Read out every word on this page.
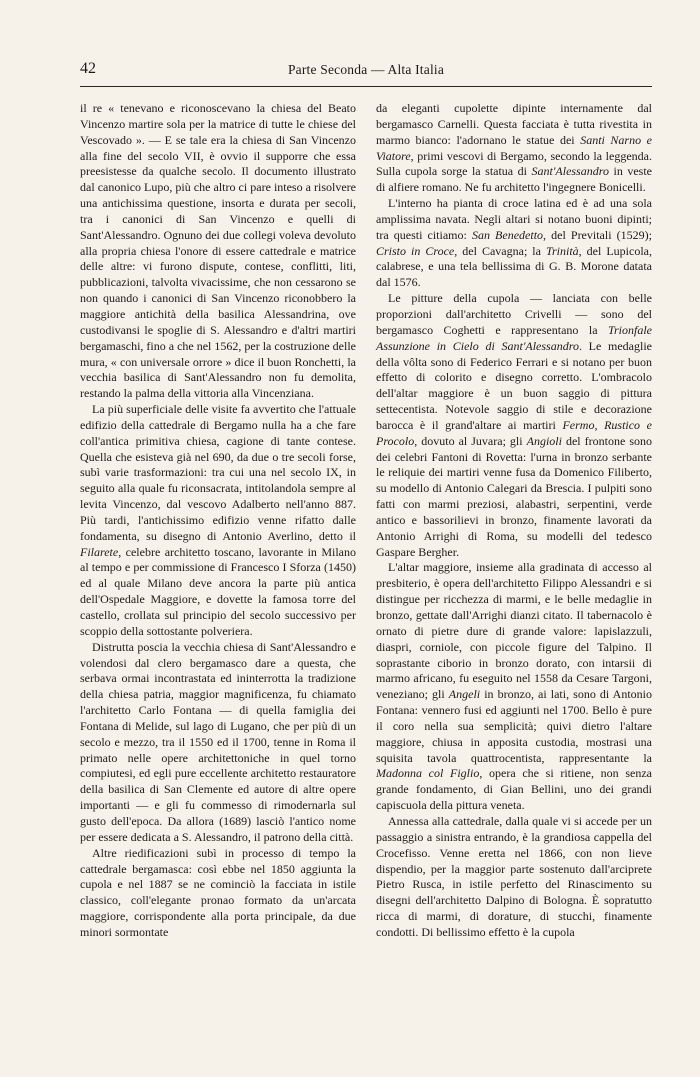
42	Parte Seconda — Alta Italia

il re « tenevano e riconoscevano la chiesa del Beato Vincenzo martire sola per la matrice di tutte le chiese del Vescovado ». — E se tale era la chiesa di San Vincenzo alla fine del secolo VII, è ovvio il supporre che essa preesistesse da qualche secolo. Il documento illustrato dal canonico Lupo, più che altro ci pare inteso a risolvere una antichissima questione, insorta e durata per secoli, tra i canonici di San Vincenzo e quelli di Sant'Alessandro. Ognuno dei due collegi voleva devoluto alla propria chiesa l'onore di essere cattedrale e matrice delle altre: vi furono dispute, contese, conflitti, liti, pubblicazioni, talvolta vivacissime, che non cessarono se non quando i canonici di San Vincenzo riconobbero la maggiore antichità della basilica Alessandrina, ove custodivansi le spoglie di S. Alessandro e d'altri martiri bergamaschi, fino a che nel 1562, per la costruzione delle mura, « con universale orrore » dice il buon Ronchetti, la vecchia basilica di Sant'Alessandro non fu demolita, restando la palma della vittoria alla Vincenziana.

La più superficiale delle visite fa avvertito che l'attuale edifizio della cattedrale di Bergamo nulla ha a che fare coll'antica primitiva chiesa, cagione di tante contese. Quella che esisteva già nel 690, da due o tre secoli forse, subì varie trasformazioni: tra cui una nel secolo IX, in seguito alla quale fu riconsacrata, intitolandola sempre al levita Vincenzo, dal vescovo Adalberto nell'anno 887. Più tardi, l'antichissimo edifizio venne rifatto dalle fondamenta, su disegno di Antonio Averlino, detto il Filarete, celebre architetto toscano, lavorante in Milano al tempo e per commissione di Francesco I Sforza (1450) ed al quale Milano deve ancora la parte più antica dell'Ospedale Maggiore, e dovette la famosa torre del castello, crollata sul principio del secolo successivo per scoppio della sottostante polveriera.

Distrutta poscia la vecchia chiesa di Sant'Alessandro e volendosi dal clero bergamasco dare a questa, che serbava ormai incontrastata ed ininterrotta la tradizione della chiesa patria, maggior magnificenza, fu chiamato l'architetto Carlo Fontana — di quella famiglia dei Fontana di Melide, sul lago di Lugano, che per più di un secolo e mezzo, tra il 1550 ed il 1700, tenne in Roma il primato nelle opere architettoniche in quel torno compiutesi, ed egli pure eccellente architetto restauratore della basilica di San Clemente ed autore di altre opere importanti — e gli fu commesso di rimodernarla sul gusto dell'epoca. Da allora (1689) lasciò l'antico nome per essere dedicata a S. Alessandro, il patrono della città.

Altre riedificazioni subì in processo di tempo la cattedrale bergamasca: così ebbe nel 1850 aggiunta la cupola e nel 1887 se ne cominciò la facciata in istile classico, coll'elegante pronao formato da un'arcata maggiore, corrispondente alla porta principale, da due minori sormontate

da eleganti cupolette dipinte internamente dal bergamasco Carnelli. Questa facciata è tutta rivestita in marmo bianco: l'adornano le statue dei Santi Narno e Viatore, primi vescovi di Bergamo, secondo la leggenda. Sulla cupola sorge la statua di Sant'Alessandro in veste di alfiere romano. Ne fu architetto l'ingegnere Bonicelli.

L'interno ha pianta di croce latina ed è ad una sola amplissima navata. Negli altari si notano buoni dipinti; tra questi citiamo: San Benedetto, del Previtali (1529); Cristo in Croce, del Cavagna; la Trinità, del Lupicola, calabrese, e una tela bellissima di G. B. Morone datata dal 1576.

Le pitture della cupola — lanciata con belle proporzioni dall'architetto Crivelli — sono del bergamasco Coghetti e rappresentano la Trionfale Assunzione in Cielo di Sant'Alessandro. Le medaglie della vôlta sono di Federico Ferrari e si notano per buon effetto di colorito e disegno corretto. L'ombracolo dell'altar maggiore è un buon saggio di pittura settecentista. Notevole saggio di stile e decorazione barocca è il grand'altare ai martiri Fermo, Rustico e Procolo, dovuto al Juvara; gli Angioli del frontone sono dei celebri Fantoni di Rovetta: l'urna in bronzo serbante le reliquie dei martiri venne fusa da Domenico Filiberto, su modello di Antonio Calegari da Brescia. I pulpiti sono fatti con marmi preziosi, alabastri, serpentini, verde antico e bassorilievi in bronzo, finamente lavorati da Antonio Arrighi di Roma, su modelli del tedesco Gaspare Bergher.

L'altar maggiore, insieme alla gradinata di accesso al presbiterio, è opera dell'architetto Filippo Alessandri e si distingue per ricchezza di marmi, e le belle medaglie in bronzo, gettate dall'Arrighi dianzi citato. Il tabernacolo è ornato di pietre dure di grande valore: lapislazzuli, diaspri, corniole, con piccole figure del Talpino. Il soprastante ciborio in bronzo dorato, con intarsii di marmo africano, fu eseguito nel 1558 da Cesare Targoni, veneziano; gli Angeli in bronzo, ai lati, sono di Antonio Fontana: vennero fusi ed aggiunti nel 1700. Bello è pure il coro nella sua semplicità; quivi dietro l'altare maggiore, chiusa in apposita custodia, mostrasi una squisita tavola quattrocentista, rappresentante la Madonna col Figlio, opera che si ritiene, non senza grande fondamento, di Gian Bellini, uno dei grandi capiscuola della pittura veneta.

Annessa alla cattedrale, dalla quale vi si accede per un passaggio a sinistra entrando, è la grandiosa cappella del Crocefisso. Venne eretta nel 1866, con non lieve dispendio, per la maggior parte sostenuto dall'arciprete Pietro Rusca, in istile perfetto del Rinascimento su disegni dell'architetto Dalpino di Bologna. È sopratutto ricca di marmi, di dorature, di stucchi, finamente condotti. Di bellissimo effetto è la cupola
